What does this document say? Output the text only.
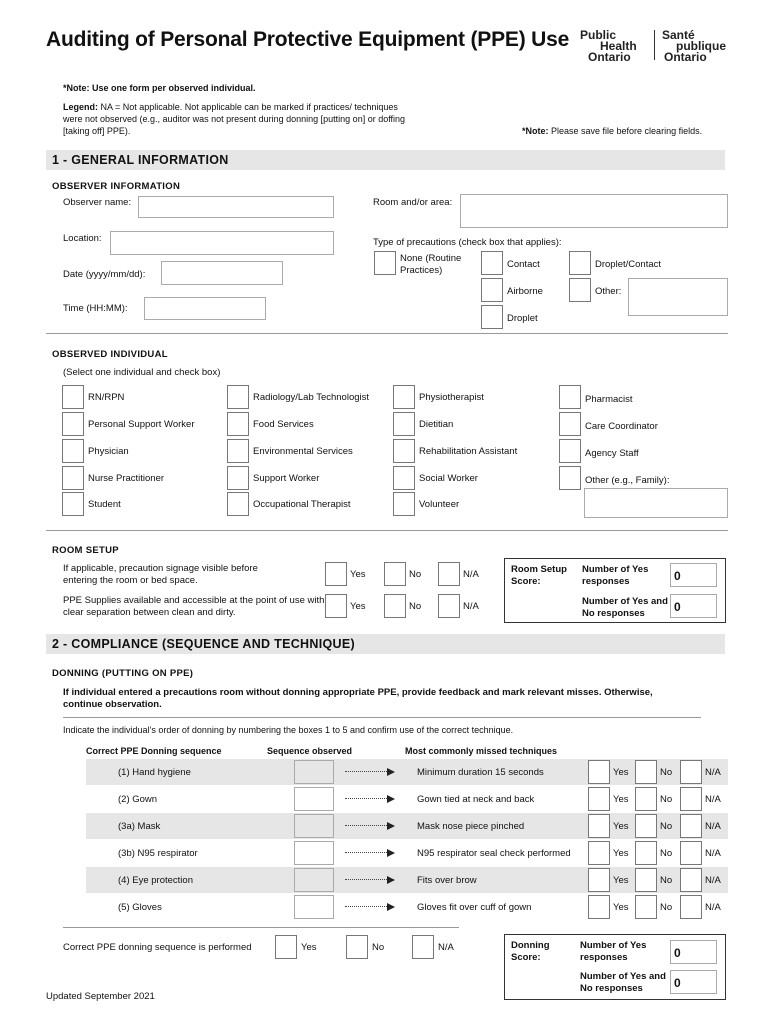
Auditing of Personal Protective Equipment (PPE) Use Public
Health
Ontario
Santé
publique
Ontario
*Note: Use one form per observed individual.
Legend: NA = Not applicable. Not applicable can be marked if practices/ techniques were not observed (e.g., auditor was not present during donning [putting on] or doffing [taking off] PPE).	*Note: Please save file before clearing fields.
1 - GENERAL INFORMATION
OBSERVER INFORMATION
Observer name:	Room and/or area:
Location:	Type of precautions (check box that applies):
Date (yyyy/mm/dd):
Time (HH:MM):
None (Routine Practices)
Contact	Droplet/Contact
Airborne	Other:
Droplet
OBSERVED INDIVIDUAL
(Select one individual and check box)
RN/RPN
Personal Support Worker
Physician
Nurse Practitioner
Student
Radiology/Lab Technologist
Food Services
Environmental Services
Support Worker
Occupational Therapist
Physiotherapist
Dietitian
Rehabilitation Assistant
Social Worker
Volunteer
Pharmacist
Care Coordinator
Agency Staff
Other (e.g., Family):
ROOM SETUP
If applicable, precaution signage visible before entering the room or bed space.
PPE Supplies available and accessible at the point of use with clear separation between clean and dirty.
Yes	No	N/A
Yes	No	N/A
Room Setup Score:
Number of Yes responses	0
Number of Yes and No responses	0
2 - COMPLIANCE (SEQUENCE AND TECHNIQUE)
DONNING (PUTTING ON PPE)
If individual entered a precautions room without donning appropriate PPE, provide feedback and mark relevant misses. Otherwise, continue observation.
Indicate the individual’s order of donning by numbering the boxes 1 to 5 and confirm use of the correct technique.
Correct PPE Donning sequence	Sequence observed	Most commonly missed techniques
(1) Hand hygiene	Minimum duration 15 seconds	Yes	No	N/A
(2) Gown	Gown tied at neck and back	Yes	No	N/A
(3a) Mask	Mask nose piece pinched	Yes	No	N/A
(3b) N95 respirator	N95 respirator seal check performed	Yes	No	N/A
(4) Eye protection	Fits over brow	Yes	No	N/A
(5) Gloves	Gloves fit over cuff of gown	Yes	No	N/A
Correct PPE donning sequence is performed	Yes	No	N/A	Donning Score:
Number of Yes responses	0
Number of Yes and No responses	0
Updated September 2021
